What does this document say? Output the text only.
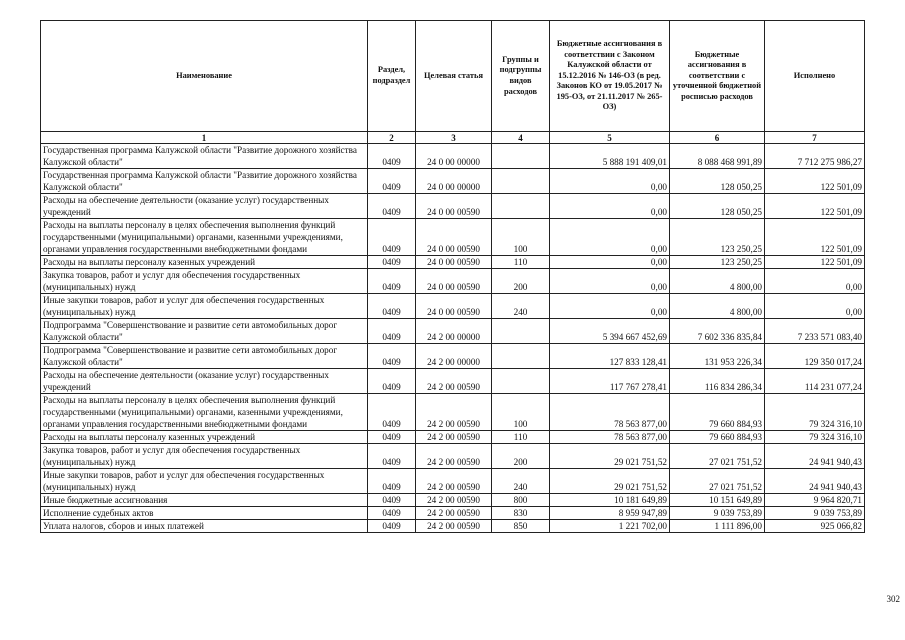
Наименование	Раздел, подраздел	Целевая статья	Группы и подгруппы видов расходов	Бюджетные ассигнования в соответствии с Законом Калужской области от 15.12.2016 № 146-ОЗ (в ред. Законов КО от 19.05.2017 № 195-ОЗ, от 21.11.2017 № 265-ОЗ)	Бюджетные ассигнования в соответствии с уточненной бюджетной росписью расходов	Исполнено
1	2	3	4	5	6	7
Государственная программа Калужской области "Развитие дорожного хозяйства Калужской области"	0409	24 0 00 00000		5 888 191 409,01	8 088 468 991,89	7 712 275 986,27
Государственная программа Калужской области "Развитие дорожного хозяйства Калужской области"	0409	24 0 00 00000		0,00	128 050,25	122 501,09
Расходы на обеспечение деятельности (оказание услуг) государственных учреждений	0409	24 0 00 00590		0,00	128 050,25	122 501,09
Расходы на выплаты персоналу в целях обеспечения выполнения функций государственными (муниципальными) органами, казенными учреждениями, органами управления государственными внебюджетными фондами	0409	24 0 00 00590	100	0,00	123 250,25	122 501,09
Расходы на выплаты персоналу казенных учреждений	0409	24 0 00 00590	110	0,00	123 250,25	122 501,09
Закупка товаров, работ и услуг для обеспечения государственных (муниципальных) нужд	0409	24 0 00 00590	200	0,00	4 800,00	0,00
Иные закупки товаров, работ и услуг для обеспечения государственных (муниципальных) нужд	0409	24 0 00 00590	240	0,00	4 800,00	0,00
Подпрограмма "Совершенствование и развитие сети автомобильных дорог Калужской области"	0409	24 2 00 00000		5 394 667 452,69	7 602 336 835,84	7 233 571 083,40
Подпрограмма "Совершенствование и развитие сети автомобильных дорог Калужской области"	0409	24 2 00 00000		127 833 128,41	131 953 226,34	129 350 017,24
Расходы на обеспечение деятельности (оказание услуг) государственных учреждений	0409	24 2 00 00590		117 767 278,41	116 834 286,34	114 231 077,24
Расходы на выплаты персоналу в целях обеспечения выполнения функций государственными (муниципальными) органами, казенными учреждениями, органами управления государственными внебюджетными фондами	0409	24 2 00 00590	100	78 563 877,00	79 660 884,93	79 324 316,10
Расходы на выплаты персоналу казенных учреждений	0409	24 2 00 00590	110	78 563 877,00	79 660 884,93	79 324 316,10
Закупка товаров, работ и услуг для обеспечения государственных (муниципальных) нужд	0409	24 2 00 00590	200	29 021 751,52	27 021 751,52	24 941 940,43
Иные закупки товаров, работ и услуг для обеспечения государственных (муниципальных) нужд	0409	24 2 00 00590	240	29 021 751,52	27 021 751,52	24 941 940,43
Иные бюджетные ассигнования	0409	24 2 00 00590	800	10 181 649,89	10 151 649,89	9 964 820,71
Исполнение судебных актов	0409	24 2 00 00590	830	8 959 947,89	9 039 753,89	9 039 753,89
Уплата налогов, сборов и иных платежей	0409	24 2 00 00590	850	1 221 702,00	1 111 896,00	925 066,82
302
